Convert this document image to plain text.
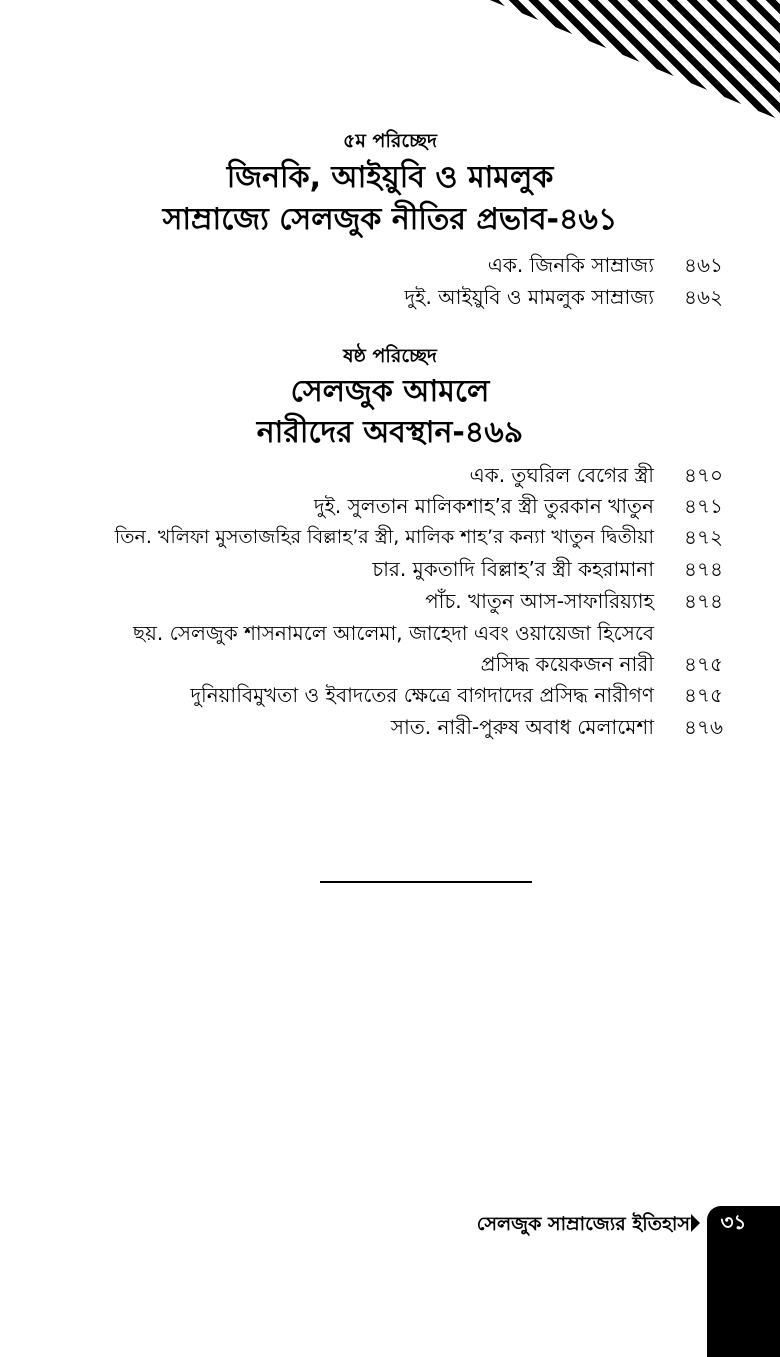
৫ম পরিচ্ছেদ
জিনকি, আইয়ুবি ও মামলুক
সাম্রাজ্যে সেলজুক নীতির প্রভাব-৪৬১
এক. জিনকি সাম্রাজ্য ৪৬১
দুই. আইয়ুবি ও মামলুক সাম্রাজ্য ৪৬২
ষষ্ঠ পরিচ্ছেদ
সেলজুক আমলে
নারীদের অবস্থান-৪৬৯
এক. তুঘরিল বেগের স্ত্রী ৪৭০
দুই. সুলতান মালিকশাহ’র স্ত্রী তুরকান খাতুন ৪৭১
তিন. খলিফা মুসতাজহির বিল্লাহ’র স্ত্রী, মালিক শাহ’র কন্যা খাতুন দ্বিতীয়া ৪৭২
চার. মুকতাদি বিল্লাহ’র স্ত্রী কহরামানা ৪৭৪
পাঁচ. খাতুন আস-সাফারিয়্যাহ ৪৭৪
ছয়. সেলজুক শাসনামলে আলেমা, জাহেদা এবং ওয়ায়েজা হিসেবে
প্রসিদ্ধ কয়েকজন নারী ৪৭৫
দুনিয়াবিমুখতা ও ইবাদতের ক্ষেত্রে বাগদাদের প্রসিদ্ধ নারীগণ ৪৭৫
সাত. নারী-পুরুষ অবাধ মেলামেশা ৪৭৬
সেলজুক সাম্রাজ্যের ইতিহাস	৩১
